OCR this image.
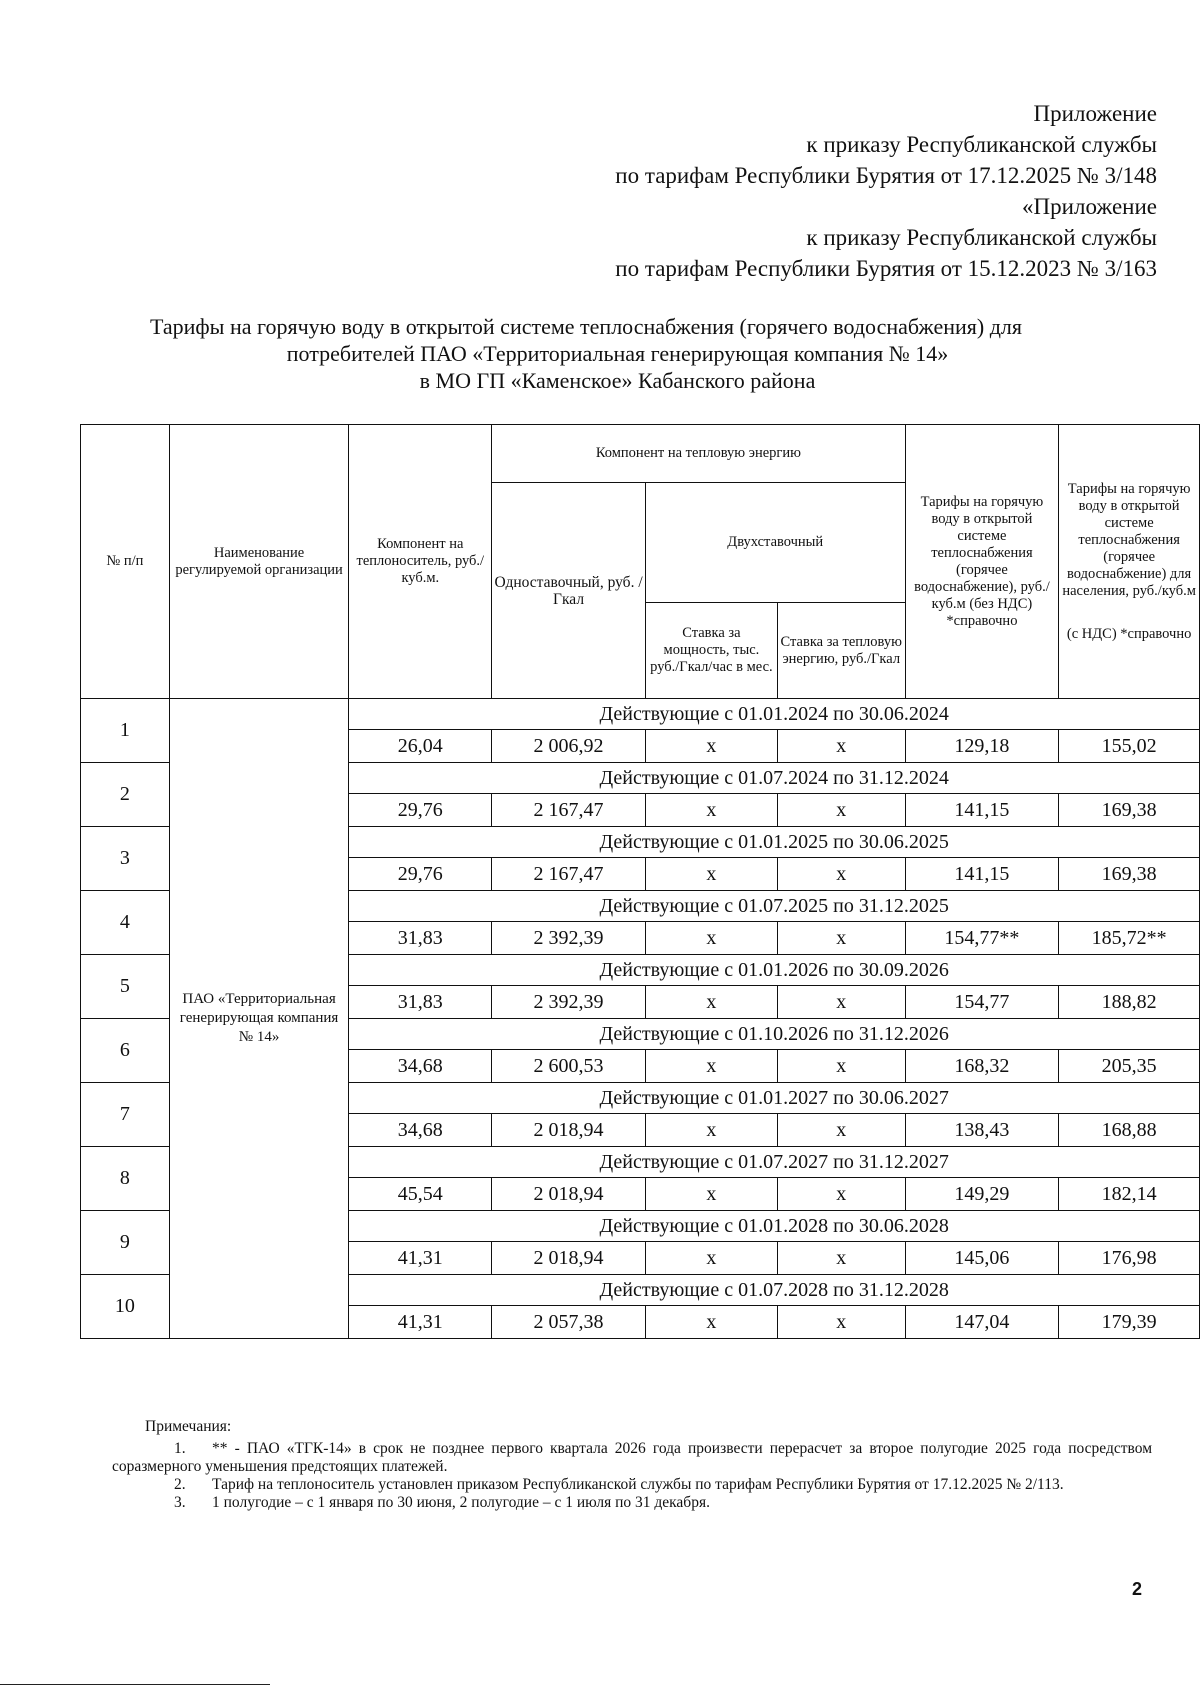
Приложение
к приказу Республиканской службы
по тарифам Республики Бурятия от 17.12.2025 № 3/148
«Приложение
к приказу Республиканской службы
по тарифам Республики Бурятия от 15.12.2023 № 3/163
Тарифы на горячую воду в открытой системе теплоснабжения (горячего водоснабжения) для
потребителей ПАО «Территориальная генерирующая компания № 14»
в МО ГП «Каменское» Кабанского района
№ п/п	Наименование регулируемой организации	Компонент на теплоноситель, руб./ куб.м.	Компонент на тепловую энергию			Тарифы на горячую воду в открытой системе теплоснабжения (горячее водоснабжение), руб./куб.м (без НДС) *справочно	Тарифы на горячую воду в открытой системе теплоснабжения (горячее водоснабжение) для населения, руб./куб.м
(с НДС) *справочно

			Одноставочный, руб. /Гкал	Двухставочный			
				Ставка за мощность, тыс. руб./Гкал/час в мес.	Ставка за тепловую энергию, руб./Гкал		
1	ПАО «Территориальная генерирующая компания № 14»	Действующие с 01.01.2024 по 30.06.2024					
		26,04	2 006,92	x	x	129,18	155,02
2		Действующие с 01.07.2024 по 31.12.2024					
		29,76	2 167,47	x	x	141,15	169,38
3		Действующие с 01.01.2025 по 30.06.2025					
		29,76	2 167,47	x	x	141,15	169,38
4		Действующие с 01.07.2025 по 31.12.2025					
		31,83	2 392,39	x	x	154,77**	185,72**
5		Действующие с 01.01.2026 по 30.09.2026					
		31,83	2 392,39	x	x	154,77	188,82
6		Действующие с 01.10.2026 по 31.12.2026					
		34,68	2 600,53	x	x	168,32	205,35
7		Действующие с 01.01.2027 по 30.06.2027					
		34,68	2 018,94	x	x	138,43	168,88
8		Действующие с 01.07.2027 по 31.12.2027					
		45,54	2 018,94	x	x	149,29	182,14
9		Действующие с 01.01.2028 по 30.06.2028					
		41,31	2 018,94	x	x	145,06	176,98
10		Действующие с 01.07.2028 по 31.12.2028					
		41,31	2 057,38	x	x	147,04	179,39
Примечания:
1. ** - ПАО «ТГК-14» в срок не позднее первого квартала 2026 года произвести перерасчет за второе полугодие 2025 года посредством соразмерного уменьшения предстоящих платежей.
2. Тариф на теплоноситель установлен приказом Республиканской службы по тарифам Республики Бурятия от 17.12.2025 № 2/113.
3. 1 полугодие – с 1 января по 30 июня, 2 полугодие – с 1 июля по 31 декабря.
2
